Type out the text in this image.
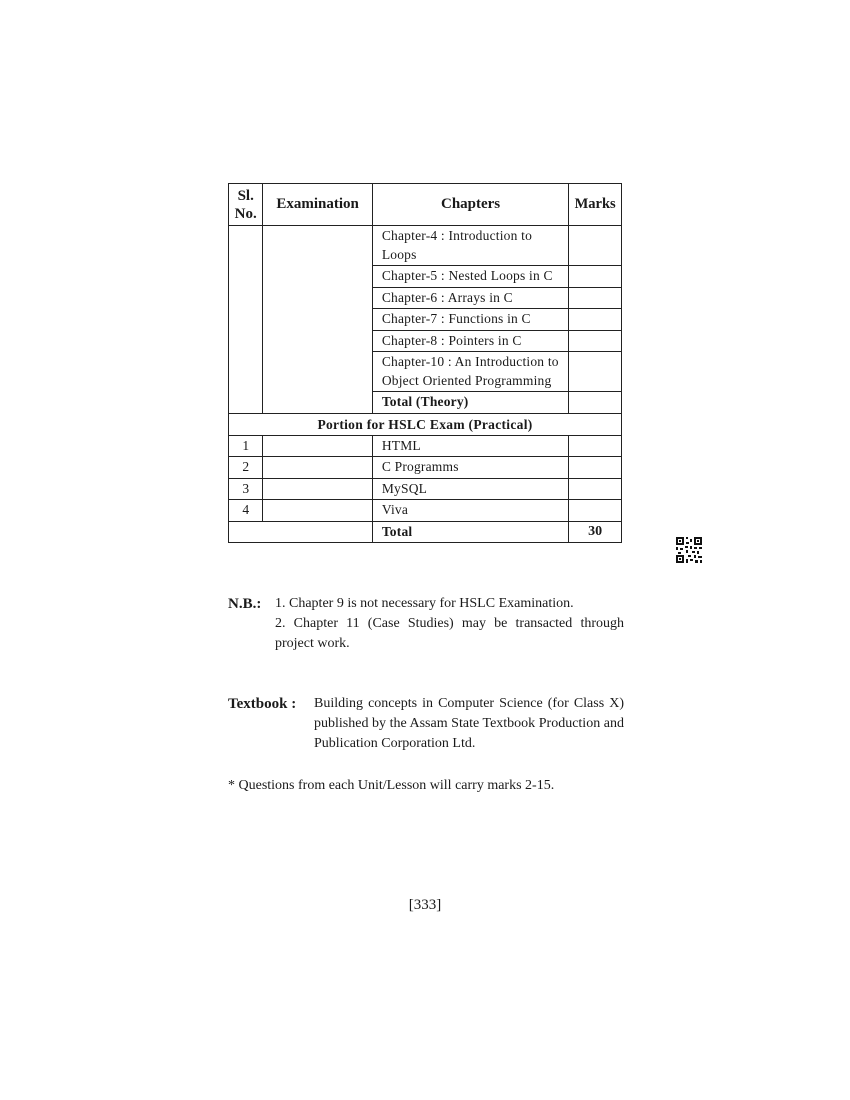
Sl. No.	Examination	Chapters	Marks
		Chapter-4 : Introduction to Loops	
		Chapter-5 : Nested Loops in C	
		Chapter-6 : Arrays in C	
		Chapter-7 : Functions in C	
		Chapter-8 : Pointers in C	
		Chapter-10 : An Introduction to Object Oriented Programming	
		Total (Theory)	
Portion for HSLC Exam (Practical)			
1		HTML	
2		C Programms	
3		MySQL	
4		Viva	
		Total	30
N.B.: 1. Chapter 9 is not necessary for HSLC Examination.
2. Chapter 11 (Case Studies) may be transacted through project work.
Textbook : Building concepts in Computer Science (for Class X) published by the Assam State Textbook Production and Publication Corporation Ltd.
* Questions from each Unit/Lesson will carry marks 2-15.
[333]
